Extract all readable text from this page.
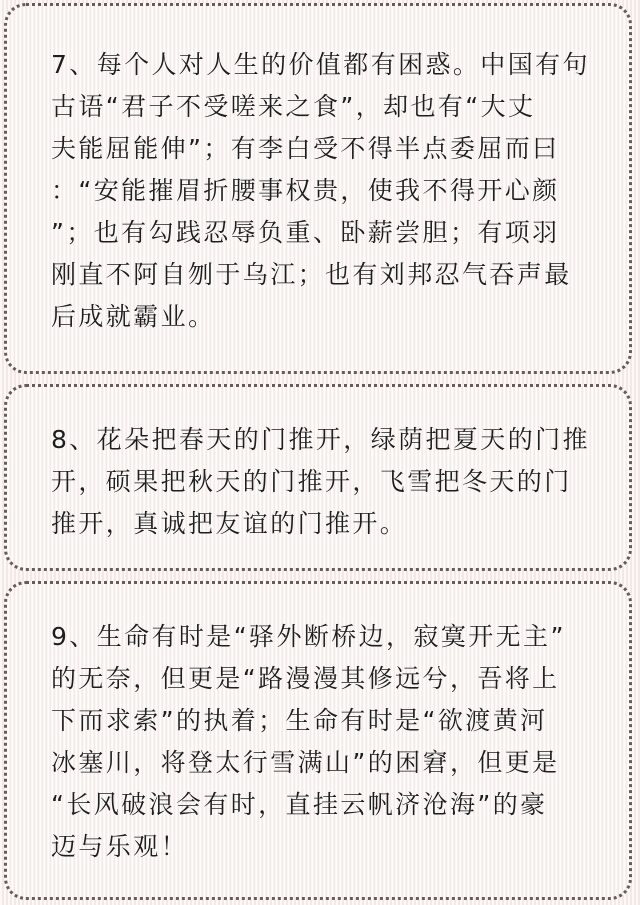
7、每个人对人生的价值都有困惑。中国有句
古语“君子不受嗟来之食”，却也有“大丈
夫能屈能伸”；有李白受不得半点委屈而曰
：“安能摧眉折腰事权贵，使我不得开心颜
”；也有勾践忍辱负重、卧薪尝胆；有项羽
刚直不阿自刎于乌江；也有刘邦忍气吞声最
后成就霸业。

8、花朵把春天的门推开，绿荫把夏天的门推
开，硕果把秋天的门推开，飞雪把冬天的门
推开，真诚把友谊的门推开。

9、生命有时是“驿外断桥边，寂寞开无主”
的无奈，但更是“路漫漫其修远兮，吾将上
下而求索”的执着；生命有时是“欲渡黄河
冰塞川，将登太行雪满山”的困窘，但更是
“长风破浪会有时，直挂云帆济沧海”的豪
迈与乐观！
